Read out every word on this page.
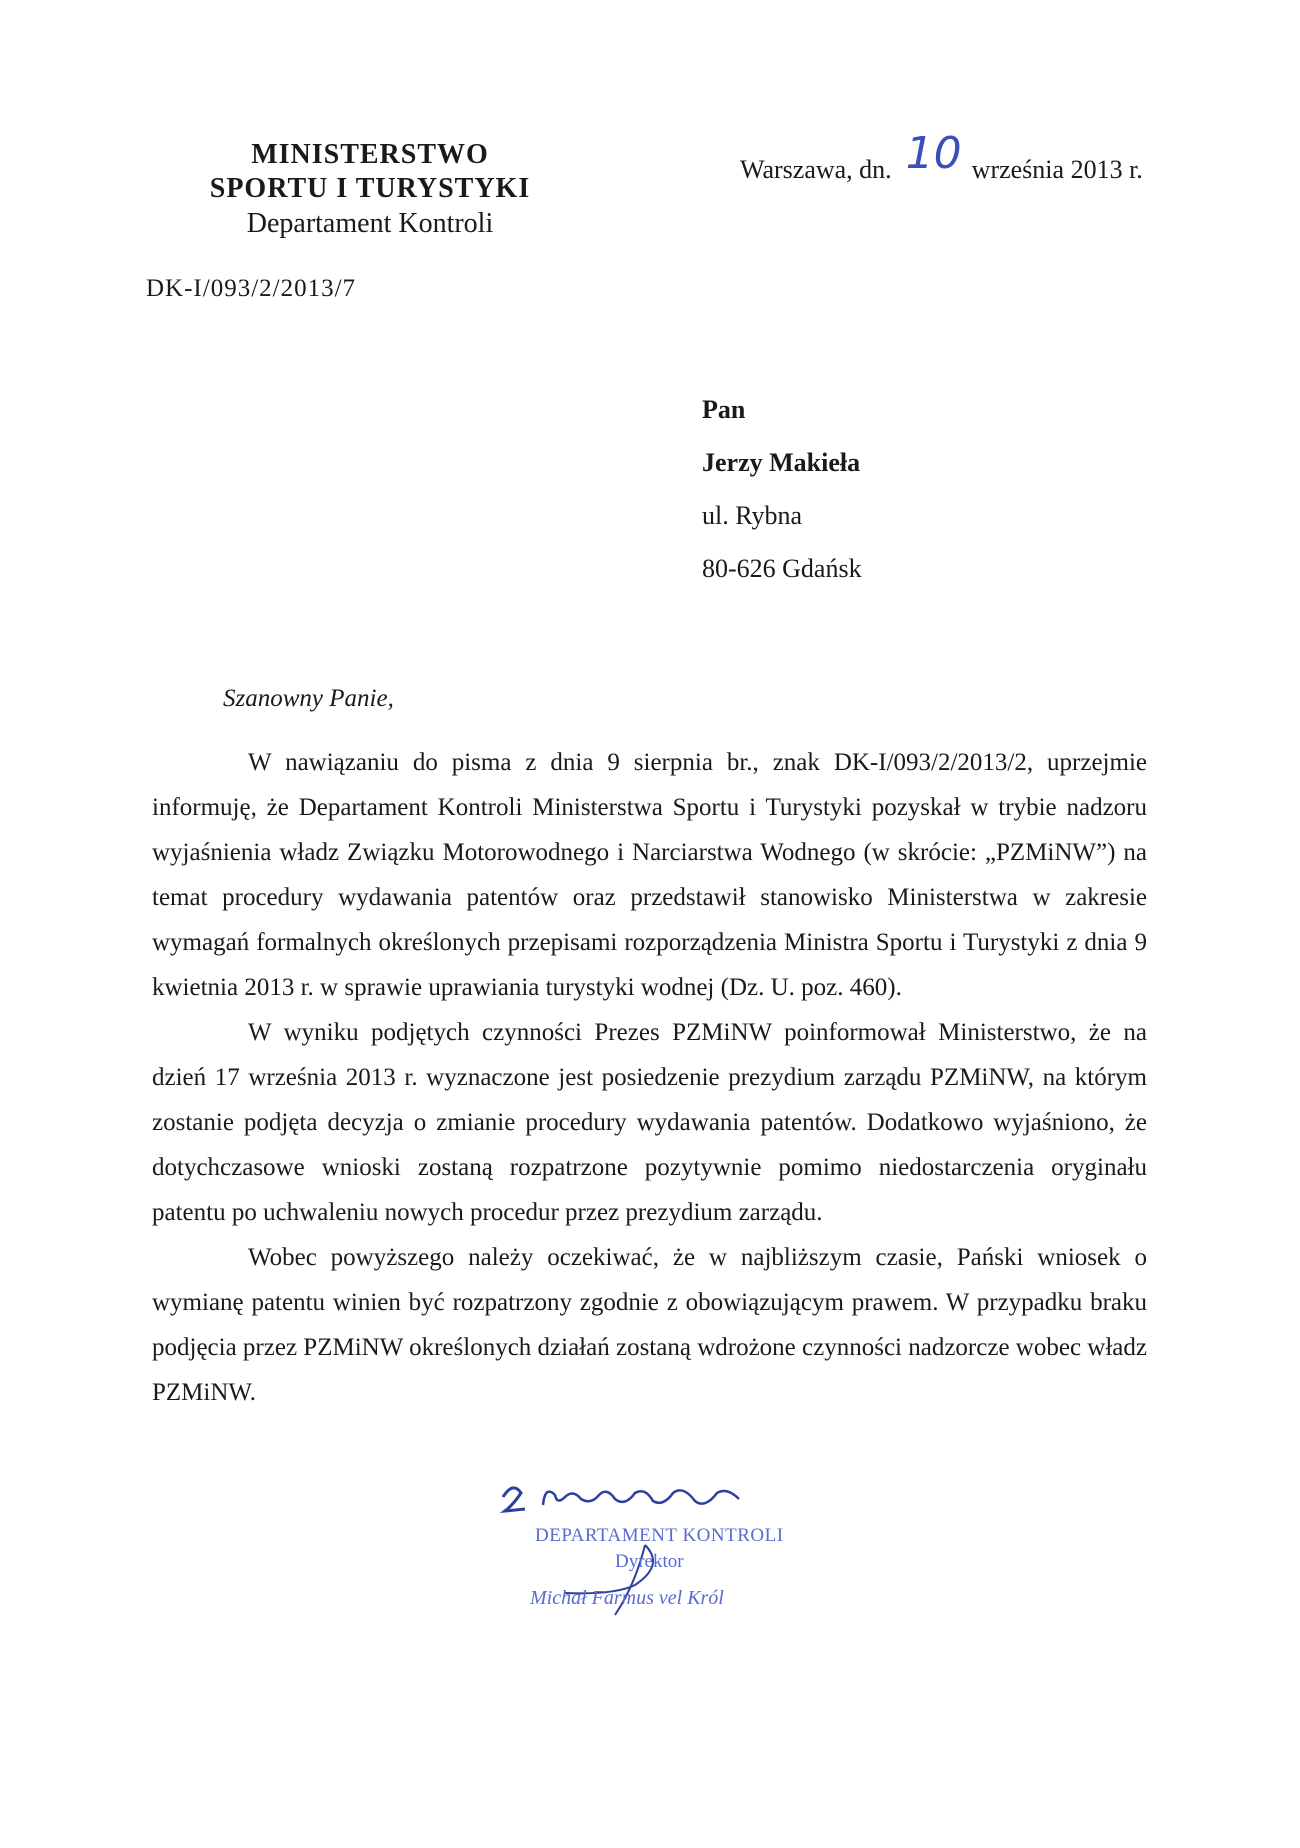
MINISTERSTWO
SPORTU I TURYSTYKI
Departament Kontroli
Warszawa, dn. 10 września 2013 r.
DK-I/093/2/2013/7
Pan
Jerzy Makieła
ul. Rybna
80-626 Gdańsk
Szanowny Panie,

W nawiązaniu do pisma z dnia 9 sierpnia br., znak DK-I/093/2/2013/2, uprzejmie informuję, że Departament Kontroli Ministerstwa Sportu i Turystyki pozyskał w trybie nadzoru wyjaśnienia władz Związku Motorowodnego i Narciarstwa Wodnego (w skrócie: „PZMiNW”) na temat procedury wydawania patentów oraz przedstawił stanowisko Ministerstwa w zakresie wymagań formalnych określonych przepisami rozporządzenia Ministra Sportu i Turystyki z dnia 9 kwietnia 2013 r. w sprawie uprawiania turystyki wodnej (Dz. U. poz. 460).

W wyniku podjętych czynności Prezes PZMiNW poinformował Ministerstwo, że na dzień 17 września 2013 r. wyznaczone jest posiedzenie prezydium zarządu PZMiNW, na którym zostanie podjęta decyzja o zmianie procedury wydawania patentów. Dodatkowo wyjaśniono, że dotychczasowe wnioski zostaną rozpatrzone pozytywnie pomimo niedostarczenia oryginału patentu po uchwaleniu nowych procedur przez prezydium zarządu.

Wobec powyższego należy oczekiwać, że w najbliższym czasie, Pański wniosek o wymianę patentu winien być rozpatrzony zgodnie z obowiązującym prawem. W przypadku braku podjęcia przez PZMiNW określonych działań zostaną wdrożone czynności nadzorcze wobec władz PZMiNW.

DEPARTAMENT KONTROLI
Dyrektor
Michał Farmus vel Król
